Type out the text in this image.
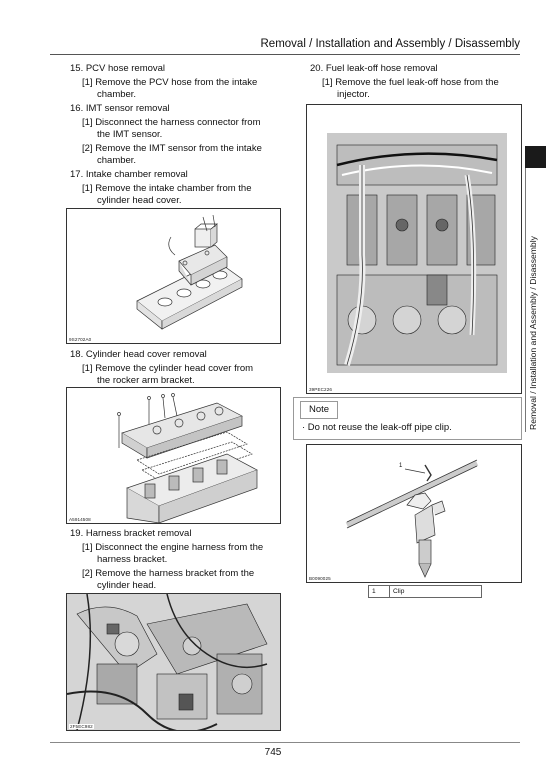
Removal / Installation and Assembly / Disassembly
Removal / Installation and Assembly / Disassembly
15. PCV hose removal
[1] Remove the PCV hose from the intake
chamber.
16. IMT sensor removal
[1] Disconnect the harness connector from
the IMT sensor.
[2] Remove the IMT sensor from the intake
chamber.
17. Intake chamber removal
[1] Remove the intake chamber from the
cylinder head cover.
9S2702A0
18. Cylinder head cover removal
[1] Remove the cylinder head cover from
the rocker arm bracket.
A5914508
19. Harness bracket removal
[1] Disconnect the engine harness from the
harness bracket.
[2] Remove the harness bracket from the
cylinder head.
2F5EC982
20. Fuel leak-off hose removal
[1] Remove the fuel leak-off hose from the
injector.
39PEC226
Note
· Do not reuse the leak-off pipe clip.
1
B0090025
1	Clip
745
